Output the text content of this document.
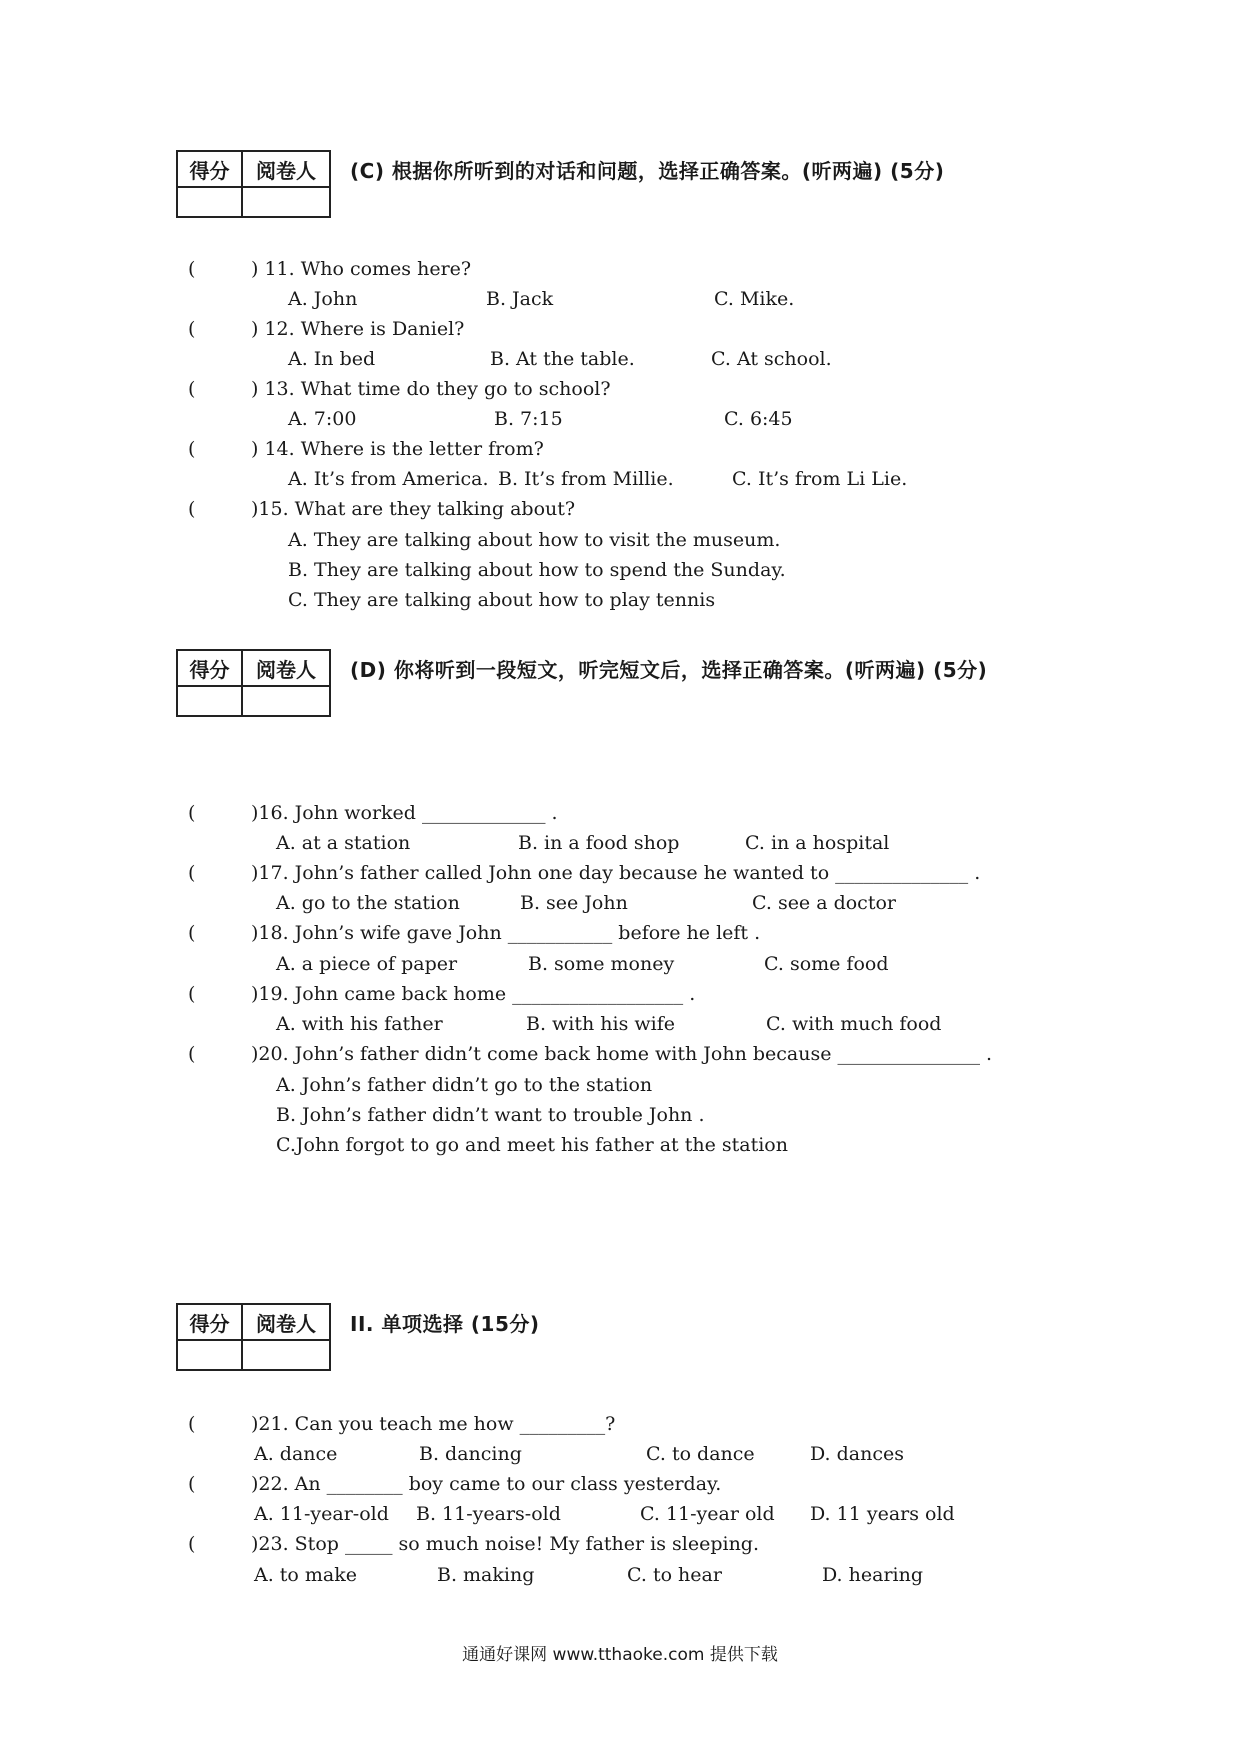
得分	阅卷人
	(C) 根据你所听到的对话和问题，选择正确答案。(听两遍) (5分)
(	) 11. Who comes here?
A. John	B. Jack	C. Mike.
(	) 12. Where is Daniel?
A. In bed	B. At the table.	C. At school.
(	) 13. What time do they go to school?
A. 7:00	B. 7:15	C. 6:45
(	) 14. Where is the letter from?
A. It’s from America. B. It’s from Millie.	C. It’s from Li Lie.
(	)15. What are they talking about?
A. They are talking about how to visit the museum.
B. They are talking about how to spend the Sunday.
C. They are talking about how to play tennis
得分	阅卷人
	(D) 你将听到一段短文，听完短文后，选择正确答案。(听两遍) (5分)
(	)16. John worked _____________ .
A. at a station	B. in a food shop	C. in a hospital
(	)17. John’s father called John one day because he wanted to ______________ .
A. go to the station	B. see John	C. see a doctor
(	)18. John’s wife gave John ___________ before he left .
A. a piece of paper	B. some money	C. some food
(	)19. John came back home __________________ .
A. with his father	B. with his wife	C. with much food
(	)20. John’s father didn’t come back home with John because _______________ .
A. John’s father didn’t go to the station
B. John’s father didn’t want to trouble John .
C.John forgot to go and meet his father at the station
得分	阅卷人
	II. 单项选择 (15分)
(	)21. Can you teach me how _________?
A. dance	B. dancing	C. to dance	D. dances
(	)22. An ________ boy came to our class yesterday.
A. 11-year-old B. 11-years-old	C. 11-year old D. 11 years old
(	)23. Stop _____ so much noise! My father is sleeping.
A. to make	B. making	C. to hear	D. hearing
通通好课网 www.tthaoke.com 提供下载
